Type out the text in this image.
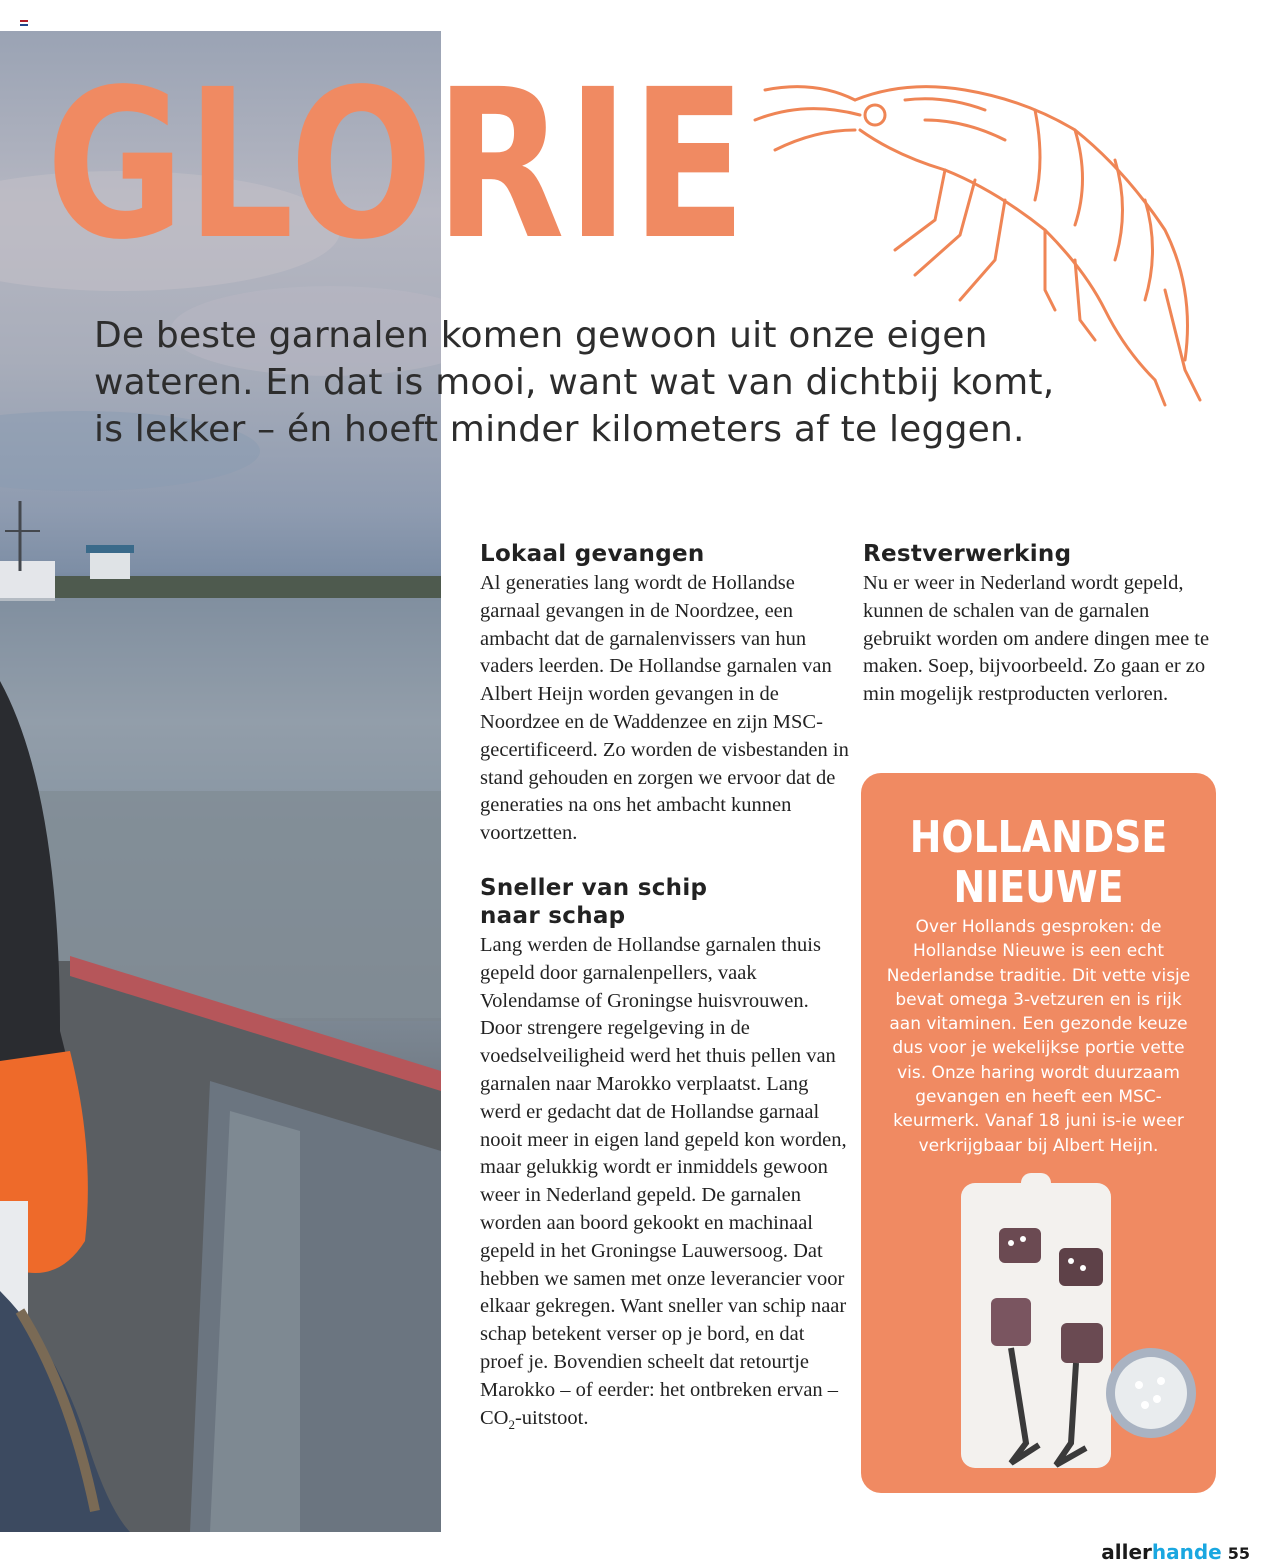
GLORIE

De beste garnalen komen gewoon uit onze eigen wateren. En dat is mooi, want wat van dichtbij komt, is lekker – én hoeft minder kilometers af te leggen.

Lokaal gevangen

Al generaties lang wordt de Hollandse garnaal gevangen in de Noordzee, een ambacht dat de garnalenvissers van hun vaders leerden. De Hollandse garnalen van Albert Heijn worden gevangen in de Noordzee en de Waddenzee en zijn MSC-gecertificeerd. Zo worden de visbestanden in stand gehouden en zorgen we ervoor dat de generaties na ons het ambacht kunnen voortzetten.

Sneller van schip naar schap

Lang werden de Hollandse garnalen thuis gepeld door garnalenpellers, vaak Volendamse of Groningse huisvrouwen. Door strengere regelgeving in de voedselveiligheid werd het thuis pellen van garnalen naar Marokko verplaatst. Lang werd er gedacht dat de Hollandse garnaal nooit meer in eigen land gepeld kon worden, maar gelukkig wordt er inmiddels gewoon weer in Nederland gepeld. De garnalen worden aan boord gekookt en machinaal gepeld in het Groningse Lauwersoog. Dat hebben we samen met onze leverancier voor elkaar gekregen. Want sneller van schip naar schap betekent verser op je bord, en dat proef je. Bovendien scheelt dat retourtje Marokko – of eerder: het ontbreken ervan – $CO_2$-uitstoot.

Restverwerking

Nu er weer in Nederland wordt gepeld, kunnen de schalen van de garnalen gebruikt worden om andere dingen mee te maken. Soep, bijvoorbeeld. Zo gaan er zo min mogelijk restproducten verloren.

HOLLANDSE
NIEUWE

Over Hollands gesproken: de Hollandse Nieuwe is een echt Nederlandse traditie. Dit vette visje bevat omega 3-vetzuren en is rijk aan vitaminen. Een gezonde keuze dus voor je wekelijkse portie vette vis. Onze haring wordt duurzaam gevangen en heeft een MSC-keurmerk. Vanaf 18 juni is-ie weer verkrijgbaar bij Albert Heijn.

allerhande 55
